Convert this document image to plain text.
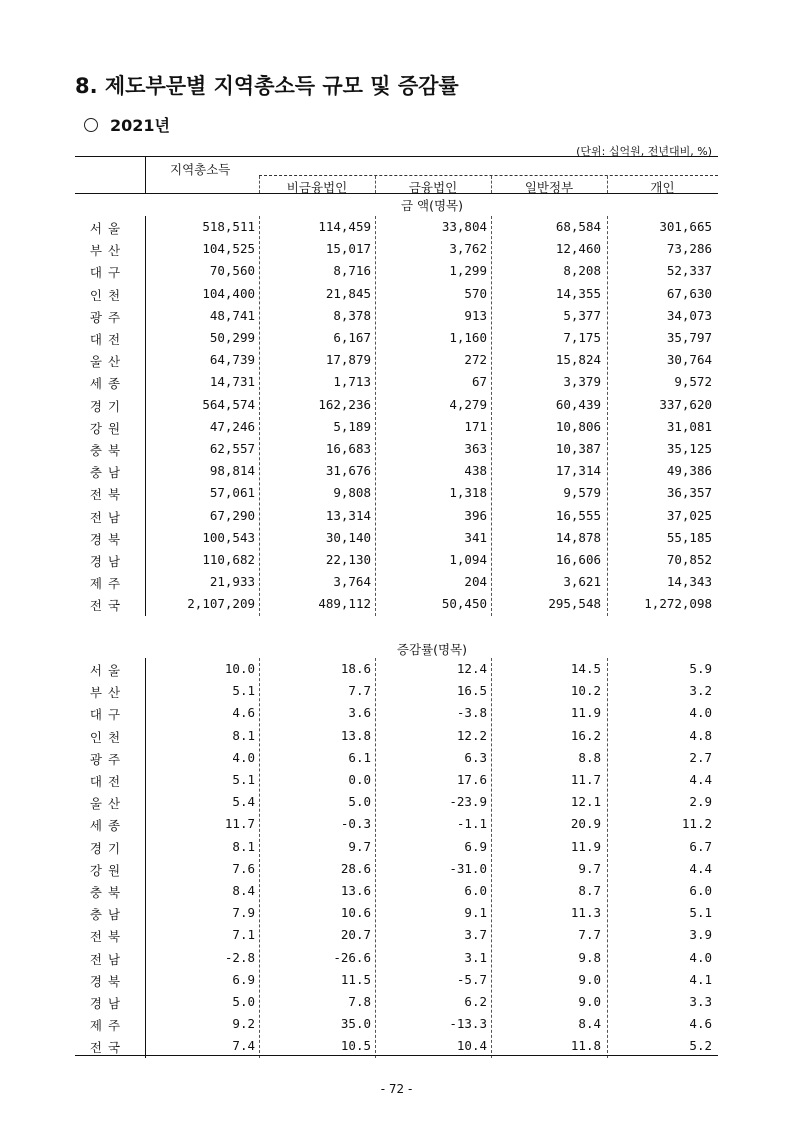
8. 제도부문별 지역총소득 규모 및 증감률
2021년
(단위: 십억원, 전년대비, %)
지역총소득
비금융법인	금융법인	일반정부	개인
금 액(명목)
서울	518,511	114,459	33,804	68,584	301,665
부산	104,525	15,017	3,762	12,460	73,286
대구	70,560	8,716	1,299	8,208	52,337
인천	104,400	21,845	570	14,355	67,630
광주	48,741	8,378	913	5,377	34,073
대전	50,299	6,167	1,160	7,175	35,797
울산	64,739	17,879	272	15,824	30,764
세종	14,731	1,713	67	3,379	9,572
경기	564,574	162,236	4,279	60,439	337,620
강원	47,246	5,189	171	10,806	31,081
충북	62,557	16,683	363	10,387	35,125
충남	98,814	31,676	438	17,314	49,386
전북	57,061	9,808	1,318	9,579	36,357
전남	67,290	13,314	396	16,555	37,025
경북	100,543	30,140	341	14,878	55,185
경남	110,682	22,130	1,094	16,606	70,852
제주	21,933	3,764	204	3,621	14,343
전국	2,107,209	489,112	50,450	295,548	1,272,098
증감률(명목)
서울	10.0	18.6	12.4	14.5	5.9
부산	5.1	7.7	16.5	10.2	3.2
대구	4.6	3.6	-3.8	11.9	4.0
인천	8.1	13.8	12.2	16.2	4.8
광주	4.0	6.1	6.3	8.8	2.7
대전	5.1	0.0	17.6	11.7	4.4
울산	5.4	5.0	-23.9	12.1	2.9
세종	11.7	-0.3	-1.1	20.9	11.2
경기	8.1	9.7	6.9	11.9	6.7
강원	7.6	28.6	-31.0	9.7	4.4
충북	8.4	13.6	6.0	8.7	6.0
충남	7.9	10.6	9.1	11.3	5.1
전북	7.1	20.7	3.7	7.7	3.9
전남	-2.8	-26.6	3.1	9.8	4.0
경북	6.9	11.5	-5.7	9.0	4.1
경남	5.0	7.8	6.2	9.0	3.3
제주	9.2	35.0	-13.3	8.4	4.6
전국	7.4	10.5	10.4	11.8	5.2
- 72 -
